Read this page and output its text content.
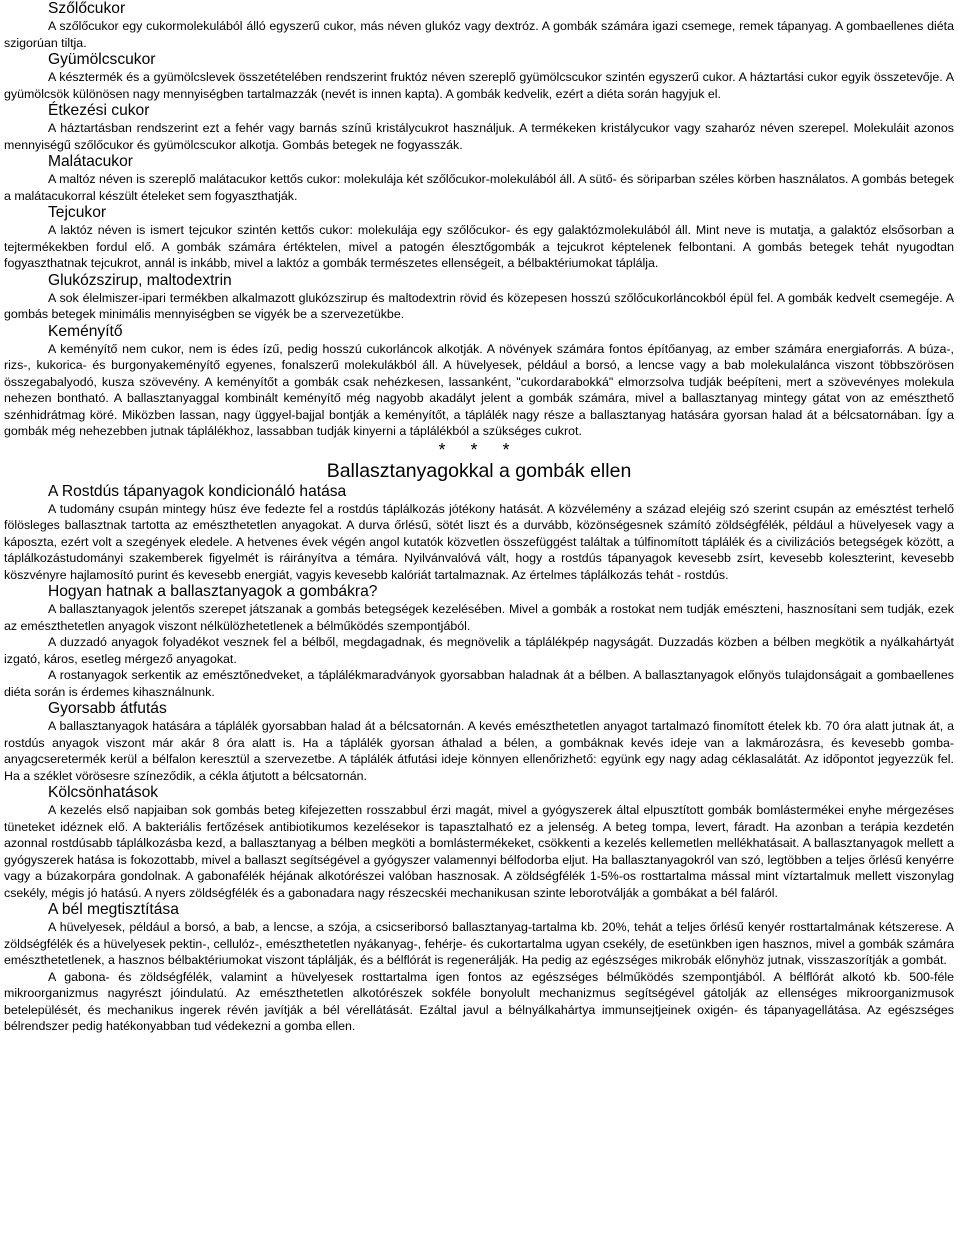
Szőlőcukor

A szőlőcukor egy cukormolekulából álló egyszerű cukor, más néven glukóz vagy dextróz. A gombák számára igazi csemege, remek tápanyag. A gombaellenes diéta szigorúan tiltja.

Gyümölcscukor

A késztermék és a gyümölcslevek összetételében rendszerint fruktóz néven szereplő gyümölcscukor szintén egyszerű cukor. A háztartási cukor egyik összetevője. A gyümölcsök különösen nagy mennyiségben tartalmazzák (nevét is innen kapta). A gombák kedvelik, ezért a diéta során hagyjuk el.

Étkezési cukor

A háztartásban rendszerint ezt a fehér vagy barnás színű kristálycukrot használjuk. A termékeken kristálycukor vagy szaharóz néven szerepel. Molekuláit azonos mennyiségű szőlőcukor és gyümölcscukor alkotja. Gombás betegek ne fogyasszák.

Malátacukor

A maltóz néven is szereplő malátacukor kettős cukor: molekulája két szőlőcukor-molekulából áll. A sütő- és söriparban széles körben használatos. A gombás betegek a malátacukorral készült ételeket sem fogyaszthatják.

Tejcukor

A laktóz néven is ismert tejcukor szintén kettős cukor: molekulája egy szőlőcukor- és egy galaktózmolekulából áll. Mint neve is mutatja, a galaktóz elsősorban a tejtermékekben fordul elő. A gombák számára értéktelen, mivel a patogén élesztőgombák a tejcukrot képtelenek felbontani. A gombás betegek tehát nyugodtan fogyaszthatnak tejcukrot, annál is inkább, mivel a laktóz a gombák természetes ellenségeit, a bélbaktériumokat táplálja.

Glukózszirup, maltodextrin

A sok élelmiszer-ipari termékben alkalmazott glukózszirup és maltodextrin rövid és közepesen hosszú szőlőcukorláncokból épül fel. A gombák kedvelt csemegéje. A gombás betegek minimális mennyiségben se vigyék be a szervezetükbe.

Keményítő

A keményítő nem cukor, nem is édes ízű, pedig hosszú cukorláncok alkotják. A növények számára fontos építőanyag, az ember számára energiaforrás. A búza-, rizs-, kukorica- és burgonyakeményítő egyenes, fonalszerű molekulákból áll. A hüvelyesek, például a borsó, a lencse vagy a bab molekulalánca viszont többszörösen összegabalyodó, kusza szövevény. A keményítőt a gombák csak nehézkesen, lassanként, "cukordarabokká" elmorzsolva tudják beépíteni, mert a szövevényes molekula nehezen bontható. A ballasztanyaggal kombinált keményítő még nagyobb akadályt jelent a gombák számára, mivel a ballasztanyag mintegy gátat von az emészthető szénhidrátmag köré. Miközben lassan, nagy üggyel-bajjal bontják a keményítőt, a táplálék nagy része a ballasztanyag hatására gyorsan halad át a bélcsatornában. Így a gombák még nehezebben jutnak táplálékhoz, lassabban tudják kinyerni a táplálékból a szükséges cukrot.

* * *
Ballasztanyagokkal a gombák ellen
A Rostdús tápanyagok kondicionáló hatása

A tudomány csupán mintegy húsz éve fedezte fel a rostdús táplálkozás jótékony hatását. A közvélemény a század elejéig szó szerint csupán az emésztést terhelő fölösleges ballasztnak tartotta az emészthetetlen anyagokat. A durva őrlésű, sötét liszt és a durvább, közönségesnek számító zöldségfélék, például a hüvelyesek vagy a káposzta, ezért volt a szegények eledele. A hetvenes évek végén angol kutatók közvetlen összefüggést találtak a túlfinomított táplálék és a civilizációs betegségek között, a táplálkozástudományi szakemberek figyelmét is ráirányítva a témára. Nyilvánvalóvá vált, hogy a rostdús tápanyagok kevesebb zsírt, kevesebb koleszterint, kevesebb köszvényre hajlamosító purint és kevesebb energiát, vagyis kevesebb kalóriát tartalmaznak. Az értelmes táplálkozás tehát - rostdús.

Hogyan hatnak a ballasztanyagok a gombákra?

A ballasztanyagok jelentős szerepet játszanak a gombás betegségek kezelésében. Mivel a gombák a rostokat nem tudják emészteni, hasznosítani sem tudják, ezek az emészthetetlen anyagok viszont nélkülözhetetlenek a bélműködés szempontjából.

A duzzadó anyagok folyadékot vesznek fel a bélből, megdagadnak, és megnövelik a táplálékpép nagyságát. Duzzadás közben a bélben megkötik a nyálkahártyát izgató, káros, esetleg mérgező anyagokat.

A rostanyagok serkentik az emésztőnedveket, a táplálékmaradványok gyorsabban haladnak át a bélben. A ballasztanyagok előnyös tulajdonságait a gombaellenes diéta során is érdemes kihasználnunk.

Gyorsabb átfutás

A ballasztanyagok hatására a táplálék gyorsabban halad át a bélcsatornán. A kevés emészthetetlen anyagot tartalmazó finomított ételek kb. 70 óra alatt jutnak át, a rostdús anyagok viszont már akár 8 óra alatt is. Ha a táplálék gyorsan áthalad a bélen, a gombáknak kevés ideje van a lakmározásra, és kevesebb gomba-anyagcseretermék kerül a bélfalon keresztül a szervezetbe. A táplálék átfutási ideje könnyen ellenőrizhető: együnk egy nagy adag céklasalátát. Az időpontot jegyezzük fel. Ha a széklet vörösesre színeződik, a cékla átjutott a bélcsatornán.

Kölcsönhatások

A kezelés első napjaiban sok gombás beteg kifejezetten rosszabbul érzi magát, mivel a gyógyszerek által elpusztított gombák bomlástermékei enyhe mérgezéses tüneteket idéznek elő. A bakteriális fertőzések antibiotikumos kezelésekor is tapasztalható ez a jelenség. A beteg tompa, levert, fáradt. Ha azonban a terápia kezdetén azonnal rostdúsabb táplálkozásba kezd, a ballasztanyag a bélben megköti a bomlástermékeket, csökkenti a kezelés kellemetlen mellékhatásait. A ballasztanyagok mellett a gyógyszerek hatása is fokozottabb, mivel a ballaszt segítségével a gyógyszer valamennyi bélfodorba eljut. Ha ballasztanyagokról van szó, legtöbben a teljes őrlésű kenyérre vagy a búzakorpára gondolnak. A gabonafélék héjának alkotórészei valóban hasznosak. A zöldségfélék 1-5%-os rosttartalma mással mint víztartalmuk mellett viszonylag csekély, mégis jó hatású. A nyers zöldségfélék és a gabonadara nagy részecskéi mechanikusan szinte leborotválják a gombákat a bél faláról.

A bél megtisztítása

A hüvelyesek, például a borsó, a bab, a lencse, a szója, a csicseriborsó ballasztanyag-tartalma kb. 20%, tehát a teljes őrlésű kenyér rosttartalmának kétszerese. A zöldségfélék és a hüvelyesek pektin-, cellulóz-, emészthetetlen nyákanyag-, fehérje- és cukortartalma ugyan csekély, de esetünkben igen hasznos, mivel a gombák számára emészthetetlenek, a hasznos bélbaktériumokat viszont táplálják, és a bélflórát is regenerálják. Ha pedig az egészséges mikrobák előnyhöz jutnak, visszaszorítják a gombát.

A gabona- és zöldségfélék, valamint a hüvelyesek rosttartalma igen fontos az egészséges bélműködés szempontjából. A bélflórát alkotó kb. 500-féle mikroorganizmus nagyrészt jóindulatú. Az emészthetetlen alkotórészek sokféle bonyolult mechanizmus segítségével gátolják az ellenséges mikroorganizmusok betelepülését, és mechanikus ingerek révén javítják a bél vérellátását. Ezáltal javul a bélnyálkahártya immunsejtjeinek oxigén- és tápanyagellátása. Az egészséges bélrendszer pedig hatékonyabban tud védekezni a gomba ellen.
